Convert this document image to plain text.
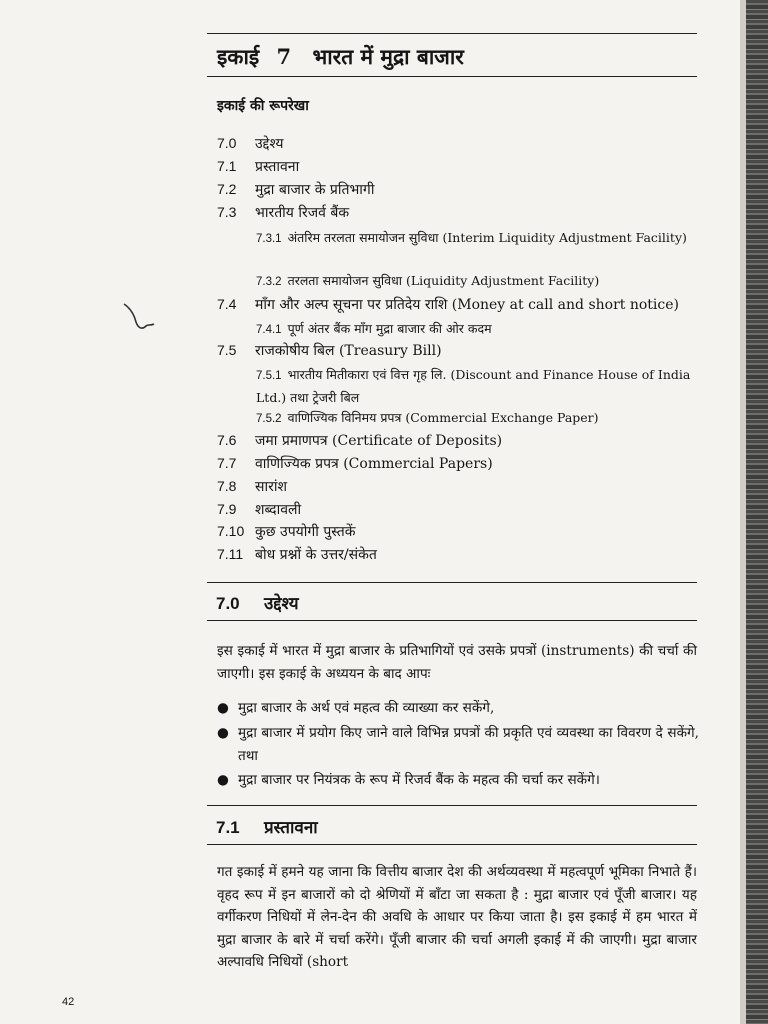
इकाई 7 भारत में मुद्रा बाजार
इकाई की रूपरेखा
7.0 उद्देश्य
7.1 प्रस्तावना
7.2 मुद्रा बाजार के प्रतिभागी
7.3 भारतीय रिजर्व बैंक
7.3.1 अंतरिम तरलता समायोजन सुविधा (Interim Liquidity Adjustment Facility)
7.3.2 तरलता समायोजन सुविधा (Liquidity Adjustment Facility)
7.4 माँग और अल्प सूचना पर प्रतिदेय राशि (Money at call and short notice)
7.4.1 पूर्ण अंतर बैंक माँग मुद्रा बाजार की ओर कदम
7.5 राजकोषीय बिल (Treasury Bill)
7.5.1 भारतीय मितीकारा एवं वित्त गृह लि. (Discount and Finance House of India Ltd.) तथा ट्रेजरी बिल
7.5.2 वाणिज्यिक विनिमय प्रपत्र (Commercial Exchange Paper)
7.6 जमा प्रमाणपत्र (Certificate of Deposits)
7.7 वाणिज्यिक प्रपत्र (Commercial Papers)
7.8 सारांश
7.9 शब्दावली
7.10 कुछ उपयोगी पुस्तकें
7.11 बोध प्रश्नों के उत्तर/संकेत
7.0 उद्देश्य
इस इकाई में भारत में मुद्रा बाजार के प्रतिभागियों एवं उसके प्रपत्रों (instruments) की चर्चा की जाएगी। इस इकाई के अध्ययन के बाद आपः
● मुद्रा बाजार के अर्थ एवं महत्व की व्याख्या कर सकेंगे,
● मुद्रा बाजार में प्रयोग किए जाने वाले विभिन्न प्रपत्रों की प्रकृति एवं व्यवस्था का विवरण दे सकेंगे, तथा
● मुद्रा बाजार पर नियंत्रक के रूप में रिजर्व बैंक के महत्व की चर्चा कर सकेंगे।
7.1 प्रस्तावना
गत इकाई में हमने यह जाना कि वित्तीय बाजार देश की अर्थव्यवस्था में महत्वपूर्ण भूमिका निभाते हैं। वृहद रूप में इन बाजारों को दो श्रेणियों में बाँटा जा सकता है : मुद्रा बाजार एवं पूँजी बाजार। यह वर्गीकरण निधियों में लेन-देन की अवधि के आधार पर किया जाता है। इस इकाई में हम भारत में मुद्रा बाजार के बारे में चर्चा करेंगे। पूँजी बाजार की चर्चा अगली इकाई में की जाएगी। मुद्रा बाजार अल्पावधि निधियों (short
42
